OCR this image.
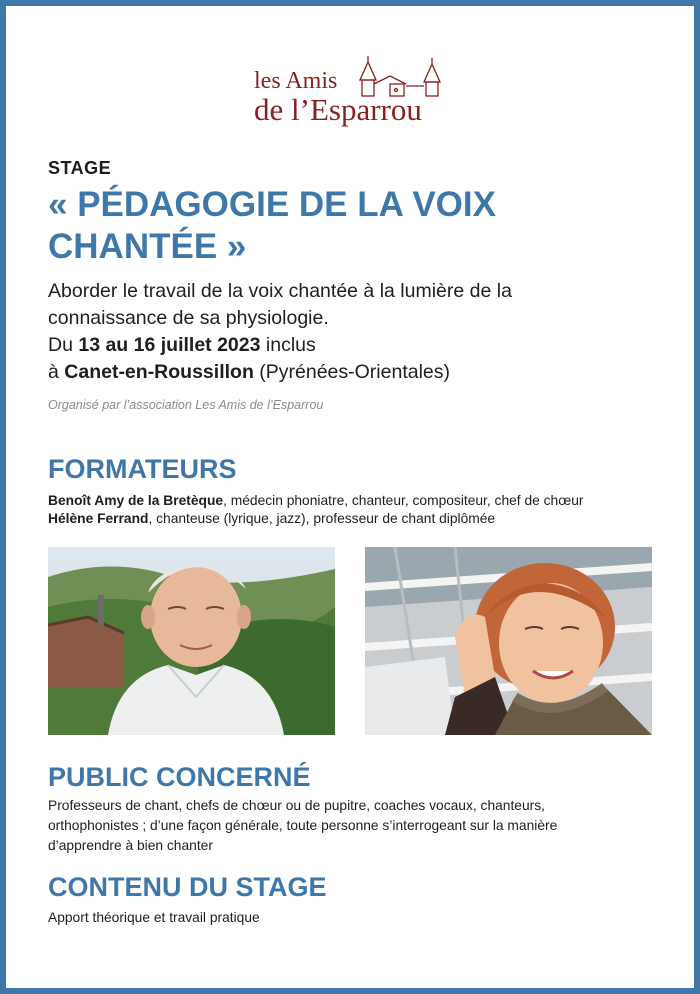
les Amis
de l’Esparrou
STAGE
« PÉDAGOGIE DE LA VOIX CHANTÉE »
Aborder le travail de la voix chantée à la lumière de la
connaissance de sa physiologie.
Du 13 au 16 juillet 2023 inclus
à Canet-en-Roussillon (Pyrénées-Orientales)
Organisé par l’association Les Amis de l’Esparrou
FORMATEURS
Benoît Amy de la Bretèque, médecin phoniatre, chanteur, compositeur, chef de chœur
Hélène Ferrand, chanteuse (lyrique, jazz), professeur de chant diplômée
PUBLIC CONCERNÉ
Professeurs de chant, chefs de chœur ou de pupitre, coaches vocaux, chanteurs,
orthophonistes ; d’une façon générale, toute personne s’interrogeant sur la manière
d’apprendre à bien chanter
CONTENU DU STAGE
Apport théorique et travail pratique
